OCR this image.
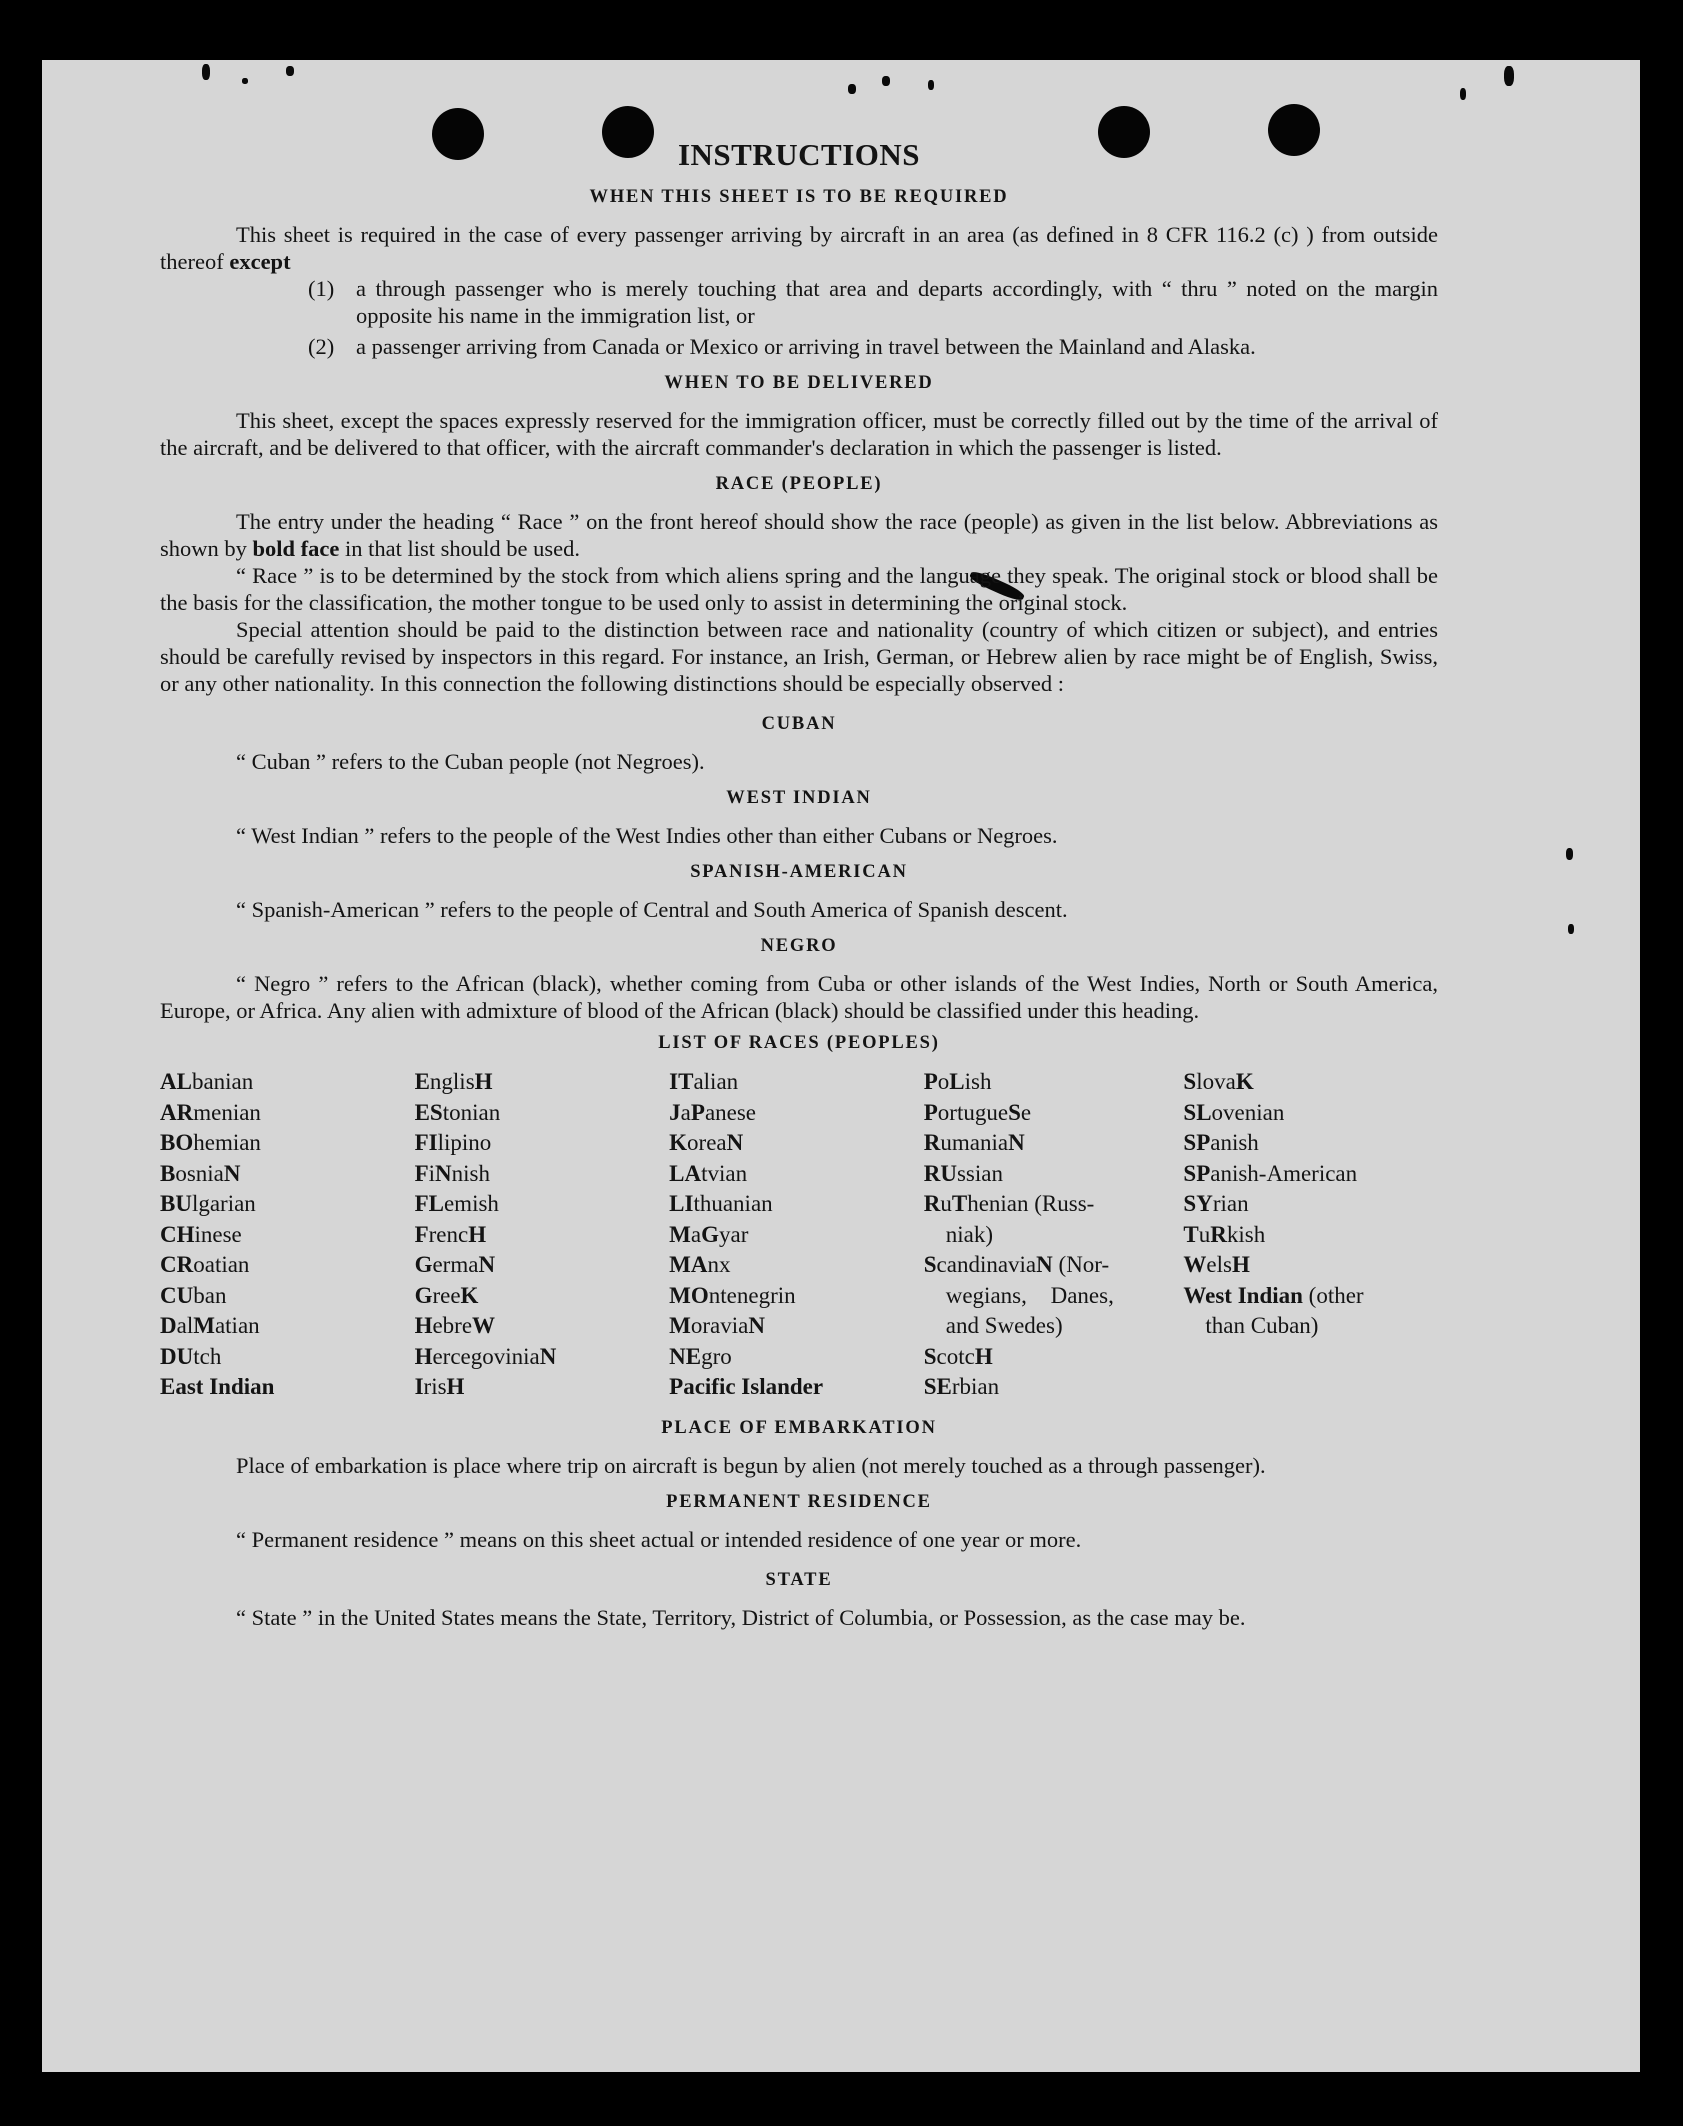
INSTRUCTIONS
WHEN THIS SHEET IS TO BE REQUIRED

This sheet is required in the case of every passenger arriving by aircraft in an area (as defined in 8 CFR 116.2 (c) ) from outside thereof except

(1) a through passenger who is merely touching that area and departs accordingly, with “ thru ” noted on the margin opposite his name in the immigration list, or
(2) a passenger arriving from Canada or Mexico or arriving in travel between the Mainland and Alaska.
WHEN TO BE DELIVERED

This sheet, except the spaces expressly reserved for the immigration officer, must be correctly filled out by the time of the arrival of the aircraft, and be delivered to that officer, with the aircraft commander's declaration in which the passenger is listed.

RACE (PEOPLE)

The entry under the heading “ Race ” on the front hereof should show the race (people) as given in the list below. Abbreviations as shown by bold face in that list should be used.

“ Race ” is to be determined by the stock from which aliens spring and the language they speak. The original stock or blood shall be the basis for the classification, the mother tongue to be used only to assist in determining the original stock.

Special attention should be paid to the distinction between race and nationality (country of which citizen or subject), and entries should be carefully revised by inspectors in this regard. For instance, an Irish, German, or Hebrew alien by race might be of English, Swiss, or any other nationality. In this connection the following distinctions should be especially observed :

CUBAN
“ Cuban ” refers to the Cuban people (not Negroes).
WEST INDIAN
“ West Indian ” refers to the people of the West Indies other than either Cubans or Negroes.
SPANISH-AMERICAN
“ Spanish-American ” refers to the people of Central and South America of Spanish descent.
NEGRO

“ Negro ” refers to the African (black), whether coming from Cuba or other islands of the West Indies, North or South America, Europe, or Africa. Any alien with admixture of blood of the African (black) should be classified under this heading.

LIST OF RACES (PEOPLES)
ALbanian
ARmenian
BOhemian
BosniaN
BUlgarian
CHinese
CRoatian
CUban
DalMatian
DUtch
East Indian
EnglisH
EStonian
FIlipino
FiNnish
FLemish
FrencH
GermaN
GreeK
HebreW
HercegoviniaN
IrisH
ITalian
JaPanese
KoreaN
LAtvian
LIthuanian
MaGyar
MAnx
MOntenegrin
MoraviaN
NEgro
Pacific Islander
PoLish
PortugueSe
RumaniaN
RUssian
RuThenian (Russ-
niak)
ScandinaviaN (Nor-
wegians, Danes,
and Swedes)
ScotcH
SErbian
SlovaK
SLovenian
SPanish
SPanish-American
SYrian
TuRkish
WelsH
West Indian (other
than Cuban)
PLACE OF EMBARKATION

Place of embarkation is place where trip on aircraft is begun by alien (not merely touched as a through passenger).

PERMANENT RESIDENCE
“ Permanent residence ” means on this sheet actual or intended residence of one year or more.
STATE

“ State ” in the United States means the State, Territory, District of Columbia, or Possession, as the case may be.
